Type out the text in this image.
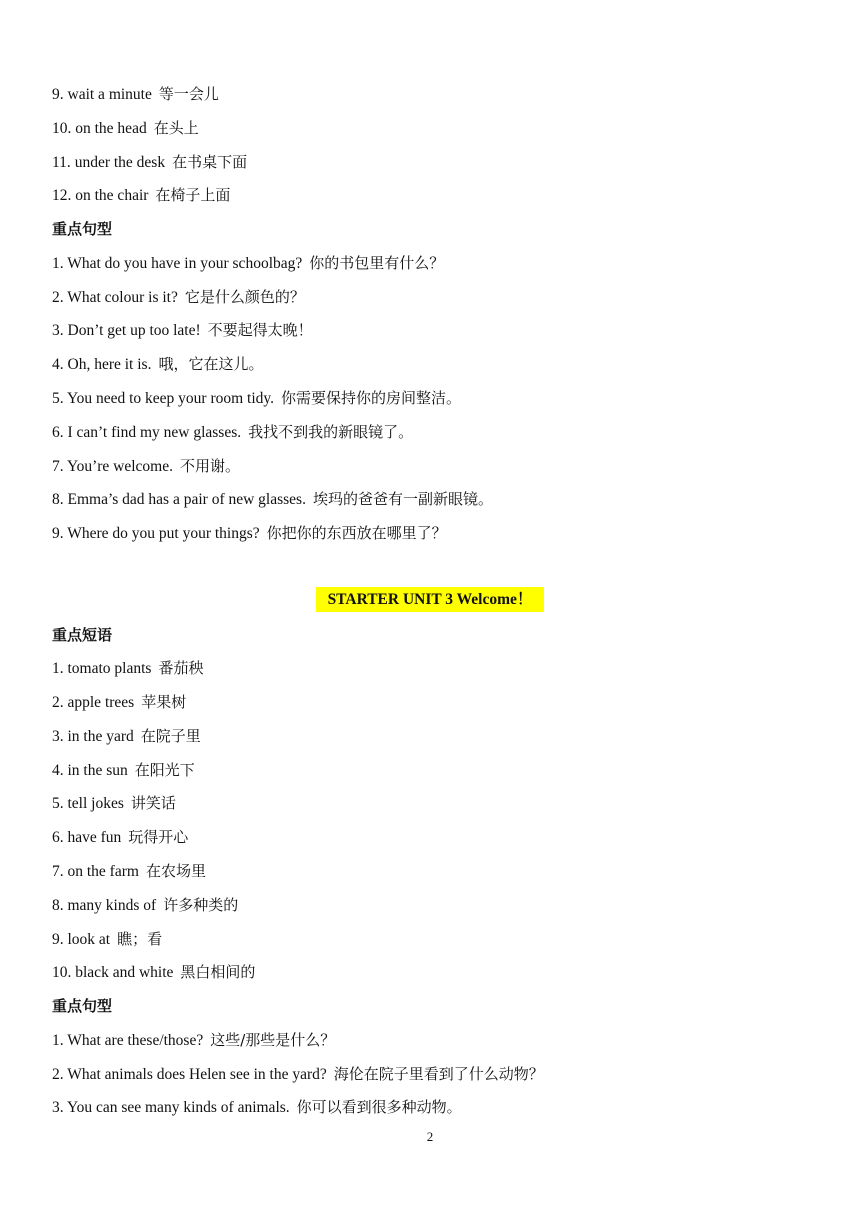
9. wait a minute 等一会儿
10. on the head 在头上
11. under the desk 在书桌下面
12. on the chair 在椅子上面
重点句型
1. What do you have in your schoolbag? 你的书包里有什么？
2. What colour is it? 它是什么颜色的？
3. Don’t get up too late! 不要起得太晚！
4. Oh, here it is. 哦，它在这儿。
5. You need to keep your room tidy. 你需要保持你的房间整洁。
6. I can’t find my new glasses. 我找不到我的新眼镜了。
7. You’re welcome. 不用谢。
8. Emma’s dad has a pair of new glasses. 埃玛的爸爸有一副新眼镜。
9. Where do you put your things? 你把你的东西放在哪里了？
STARTER UNIT 3 Welcome！
重点短语
1. tomato plants 番茄秧
2. apple trees 苹果树
3. in the yard 在院子里
4. in the sun 在阳光下
5. tell jokes 讲笑话
6. have fun 玩得开心
7. on the farm 在农场里
8. many kinds of 许多种类的
9. look at 瞧；看
10. black and white 黑白相间的
重点句型
1. What are these/those? 这些/那些是什么？
2. What animals does Helen see in the yard? 海伦在院子里看到了什么动物？
3. You can see many kinds of animals. 你可以看到很多种动物。
2
